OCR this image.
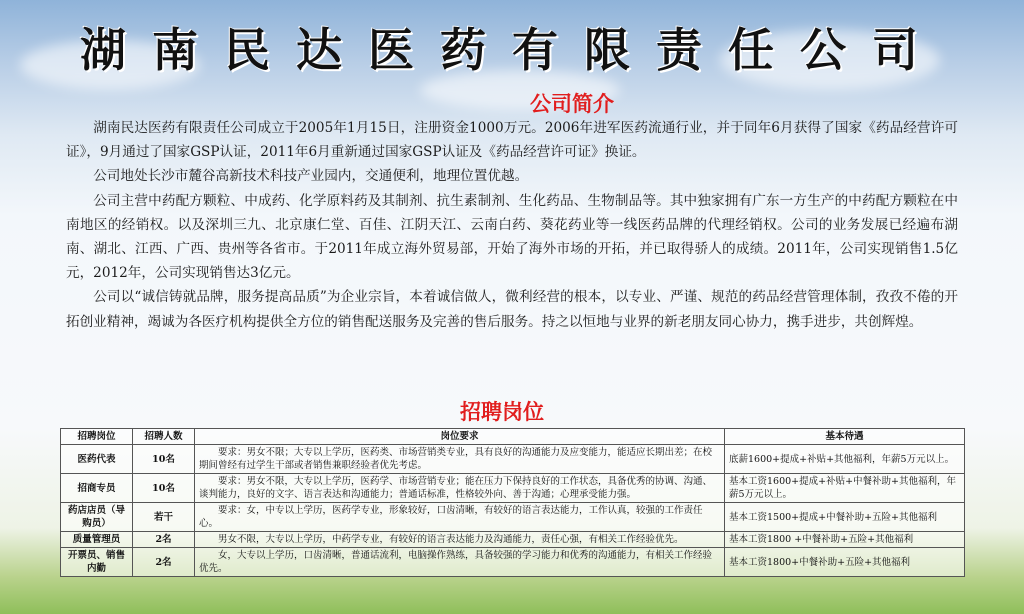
湖南民达医药有限责任公司
公司简介

湖南民达医药有限责任公司成立于2005年1月15日，注册资金1000万元。2006年进军医药流通行业，并于同年6月获得了国家《药品经营许可证》，9月通过了国家GSP认证，2011年6月重新通过国家GSP认证及《药品经营许可证》换证。

公司地处长沙市麓谷高新技术科技产业园内，交通便利，地理位置优越。

公司主营中药配方颗粒、中成药、化学原料药及其制剂、抗生素制剂、生化药品、生物制品等。其中独家拥有广东一方生产的中药配方颗粒在中南地区的经销权。以及深圳三九、北京康仁堂、百佳、江阴天江、云南白药、葵花药业等一线医药品牌的代理经销权。公司的业务发展已经遍布湖南、湖北、江西、广西、贵州等各省市。于2011年成立海外贸易部，开始了海外市场的开拓，并已取得骄人的成绩。2011年，公司实现销售1.5亿元，2012年，公司实现销售达3亿元。

公司以“诚信铸就品牌，服务提高品质”为企业宗旨，本着诚信做人，微利经营的根本，以专业、严谨、规范的药品经营管理体制，孜孜不倦的开拓创业精神，竭诚为各医疗机构提供全方位的销售配送服务及完善的售后服务。持之以恒地与业界的新老朋友同心协力，携手进步，共创辉煌。

招聘岗位
招聘岗位	招聘人数	岗位要求	基本待遇
医药代表	10名	要求：男女不限；大专以上学历，医药类、市场营销类专业，具有良好的沟通能力及应变能力，能适应长期出差；在校期间曾经有过学生干部或者销售兼职经验者优先考虑。	底薪1600+提成+补贴+其他福利，年薪5万元以上。
招商专员	10名	要求：男女不限，大专以上学历，医药学、市场营销专业；能在压力下保持良好的工作状态，具备优秀的协调、沟通、谈判能力，良好的文字、语言表达和沟通能力；普通话标准，性格较外向、善于沟通；心理承受能力强。	基本工资1600+提成+补贴+中餐补助+其他福利，年薪5万元以上。
药店店员（导购员）	若干	要求：女，中专以上学历，医药学专业，形象较好，口齿清晰，有较好的语言表达能力，工作认真，较强的工作责任心。	基本工资1500+提成+中餐补助+五险+其他福利
质量管理员	2名	男女不限，大专以上学历，中药学专业，有较好的语言表达能力及沟通能力，责任心强，有相关工作经验优先。	基本工资1800 +中餐补助+五险+其他福利
开票员、销售内勤	2名	女，大专以上学历，口齿清晰，普通话流利，电脑操作熟练，具备较强的学习能力和优秀的沟通能力，有相关工作经验优先。	基本工资1800+中餐补助+五险+其他福利
